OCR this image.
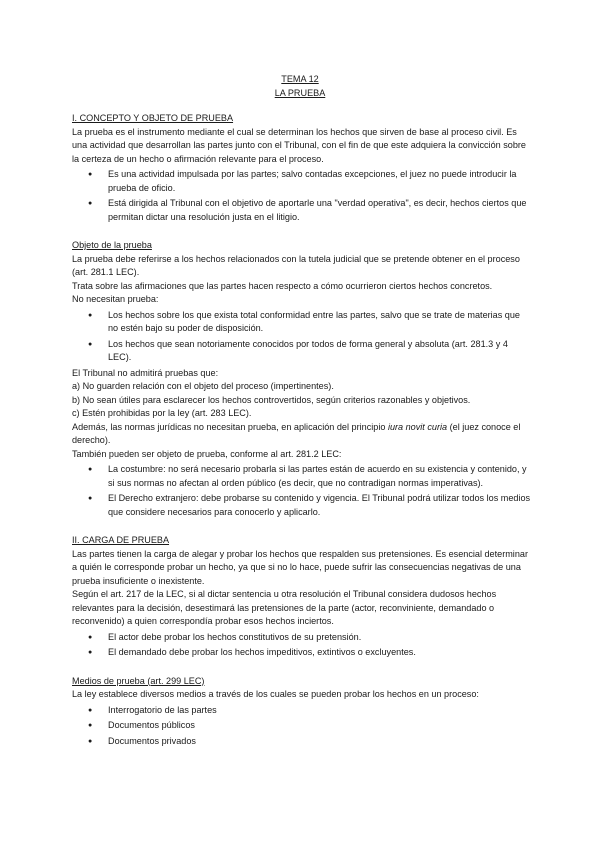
TEMA 12
LA PRUEBA
I. CONCEPTO Y OBJETO DE PRUEBA

La prueba es el instrumento mediante el cual se determinan los hechos que sirven de base al proceso civil. Es una actividad que desarrollan las partes junto con el Tribunal, con el fin de que este adquiera la convicción sobre la certeza de un hecho o afirmación relevante para el proceso.

● Es una actividad impulsada por las partes; salvo contadas excepciones, el juez no puede introducir la prueba de oficio.
● Está dirigida al Tribunal con el objetivo de aportarle una "verdad operativa", es decir, hechos ciertos que permitan dictar una resolución justa en el litigio.
Objeto de la prueba

La prueba debe referirse a los hechos relacionados con la tutela judicial que se pretende obtener en el proceso (art. 281.1 LEC).

Trata sobre las afirmaciones que las partes hacen respecto a cómo ocurrieron ciertos hechos concretos.

No necesitan prueba:

● Los hechos sobre los que exista total conformidad entre las partes, salvo que se trate de materias que no estén bajo su poder de disposición.
● Los hechos que sean notoriamente conocidos por todos de forma general y absoluta (art. 281.3 y 4 LEC).

El Tribunal no admitirá pruebas que:

a) No guarden relación con el objeto del proceso (impertinentes).

b) No sean útiles para esclarecer los hechos controvertidos, según criterios razonables y objetivos.

c) Estén prohibidas por la ley (art. 283 LEC).

Además, las normas jurídicas no necesitan prueba, en aplicación del principio iura novit curia (el juez conoce el derecho).

También pueden ser objeto de prueba, conforme al art. 281.2 LEC:

● La costumbre: no será necesario probarla si las partes están de acuerdo en su existencia y contenido, y si sus normas no afectan al orden público (es decir, que no contradigan normas imperativas).
● El Derecho extranjero: debe probarse su contenido y vigencia. El Tribunal podrá utilizar todos los medios que considere necesarios para conocerlo y aplicarlo.
II. CARGA DE PRUEBA

Las partes tienen la carga de alegar y probar los hechos que respalden sus pretensiones. Es esencial determinar a quién le corresponde probar un hecho, ya que si no lo hace, puede sufrir las consecuencias negativas de una prueba insuficiente o inexistente.

Según el art. 217 de la LEC, si al dictar sentencia u otra resolución el Tribunal considera dudosos hechos relevantes para la decisión, desestimará las pretensiones de la parte (actor, reconviniente, demandado o reconvenido) a quien correspondía probar esos hechos inciertos.

● El actor debe probar los hechos constitutivos de su pretensión.
● El demandado debe probar los hechos impeditivos, extintivos o excluyentes.
Medios de prueba (art. 299 LEC)

La ley establece diversos medios a través de los cuales se pueden probar los hechos en un proceso:

● Interrogatorio de las partes
● Documentos públicos
● Documentos privados
